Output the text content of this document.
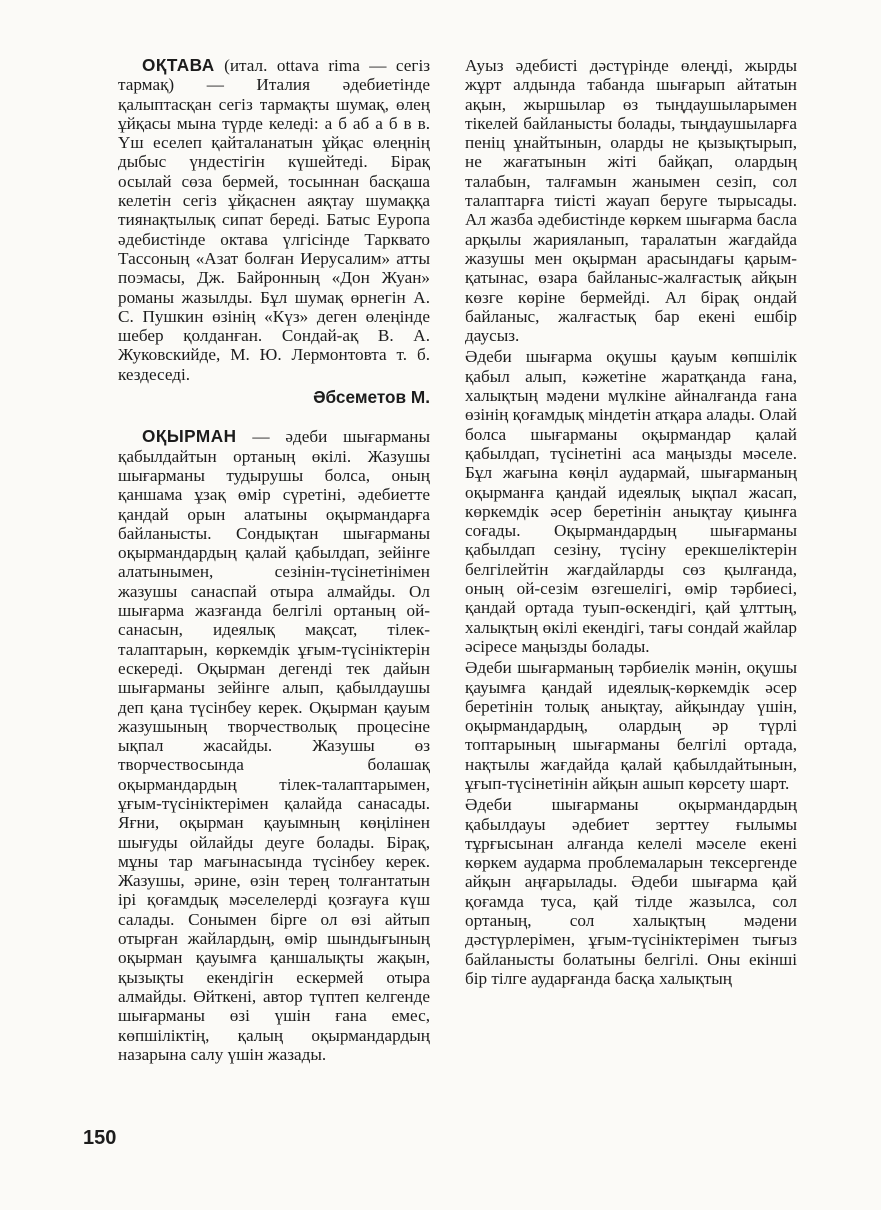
ОҚТАВА (итал. ottava rima — сегіз тармақ) — Италия әдебиетінде қалыптасқан сегіз тармақты шумақ, өлең ұйқасы мына түрде келеді: а б аб а б в в. Үш еселеп қайталанатын ұйқас өлеңнің дыбыс үндестігін күшейтеді. Бірақ осылай сөза бермей, тосыннан басқаша келетін сегіз ұйқаснен аяқтау шумаққа тиянақтылық сипат береді. Батыс Еуропа әдебистінде октава үлгісінде Тарквато Тассоның «Азат болған Иерусалим» атты поэмасы, Дж. Байронның «Дон Жуан» романы жазылды. Бұл шумақ өрнегін А. С. Пушкин өзінің «Күз» деген өлеңінде шебер қолданған. Сондай-ақ В. А. Жуковскийде, М. Ю. Лермонтовта т. б. кездеседі.

Әбсеметов М.

ОҚЫРМАН — әдеби шығарманы қабылдайтын ортаның өкілі. Жазушы шығарманы тудырушы болса, оның қаншама ұзақ өмір сүретіні, әдебиетте қандай орын алатыны оқырмандарға байланысты. Сондықтан шығарманы оқырмандардың қалай қабылдап, зейінге алатынымен, сезінін-түсінетінімен жазушы санаспай отыра алмайды. Ол шығарма жазғанда белгілі ортаның ой-санасын, идеялық мақсат, тілек-талаптарын, көркемдік ұғым-түсініктерін ескереді. Оқырман дегенді тек дайын шығарманы зейінге алып, қабылдаушы деп қана түсінбеу керек. Оқырман қауым жазушының творчестволық процесіне ықпал жасайды. Жазушы өз творчествосында болашақ оқырмандардың тілек-талаптарымен, ұғым-түсініктерімен қалайда санасады. Яғни, оқырман қауымның көңілінен шығуды ойлайды деуге болады. Бірақ, мұны тар мағынасында түсінбеу керек. Жазушы, әрине, өзін терең толғантатын ірі қоғамдық мәселелерді қозғауға күш салады. Сонымен бірге ол өзі айтып отырған жайлардың, өмір шындығының оқырман қауымға қаншалықты жақын, қызықты екендігін ескермей отыра алмайды. Өйткені, автор түптеп келгенде шығарманы өзі үшін ғана емес, көпшіліктің, қалың оқырмандардың назарына салу үшін жазады.

Ауыз әдебисті дәстүрінде өлеңді, жырды жұрт алдында табанда шығарып айтатын ақын, жыршылар өз тыңдаушыларымен тікелей байланысты болады, тыңдаушыларға пеніц ұнайтынын, оларды не қызықтырып, не жағатынын жіті байқап, олардың талабын, талғамын жанымен сезіп, сол талаптарға тиісті жауап беруге тырысады. Ал жазба әдебистінде көркем шығарма басла арқылы жарияланып, таралатын жағдайда жазушы мен оқырман арасындағы қарым-қатынас, өзара байланыс-жалғастық айқын көзге көріне бермейді. Ал бірақ ондай байланыс, жалғастық бар екені ешбір даусыз.

Әдеби шығарма оқушы қауым көпшілік қабыл алып, кәжетіне жаратқанда ғана, халықтың мәдени мүлкіне айналғанда ғана өзінің қоғамдық міндетін атқара алады. Олай болса шығарманы оқырмандар қалай қабылдап, түсінетіні аса маңызды мәселе. Бұл жағына көңіл аудармай, шығарманың оқырманға қандай идеялық ықпал жасап, көркемдік әсер беретінін анықтау қиынға соғады. Оқырмандардың шығарманы қабылдап сезіну, түсіну ерекшеліктерін белгілейтін жағдайларды сөз қылғанда, оның ой-сезім өзгешелігі, өмір тәрбиесі, қандай ортада туып-өскендігі, қай ұлттың, халықтың өкілі екендігі, тағы сондай жайлар әсіресе маңызды болады.

Әдеби шығарманың тәрбиелік мәнін, оқушы қауымға қандай идеялық-көркемдік әсер беретінін толық анықтау, айқындау үшін, оқырмандардың, олардың әр түрлі топтарының шығарманы белгілі ортада, нақтылы жағдайда қалай қабылдайтынын, ұғып-түсінетінін айқын ашып көрсету шарт.

Әдеби шығарманы оқырмандардың қабылдауы әдебиет зерттеу ғылымы тұрғысынан алғанда келелі мәселе екені көркем аударма проблемаларын тексергенде айқын аңғарылады. Әдеби шығарма қай қоғамда туса, қай тілде жазылса, сол ортаның, сол халықтың мәдени дәстүрлерімен, ұғым-түсініктерімен тығыз байланысты болатыны белгілі. Оны екінші бір тілге аударғанда басқа халықтың

150
